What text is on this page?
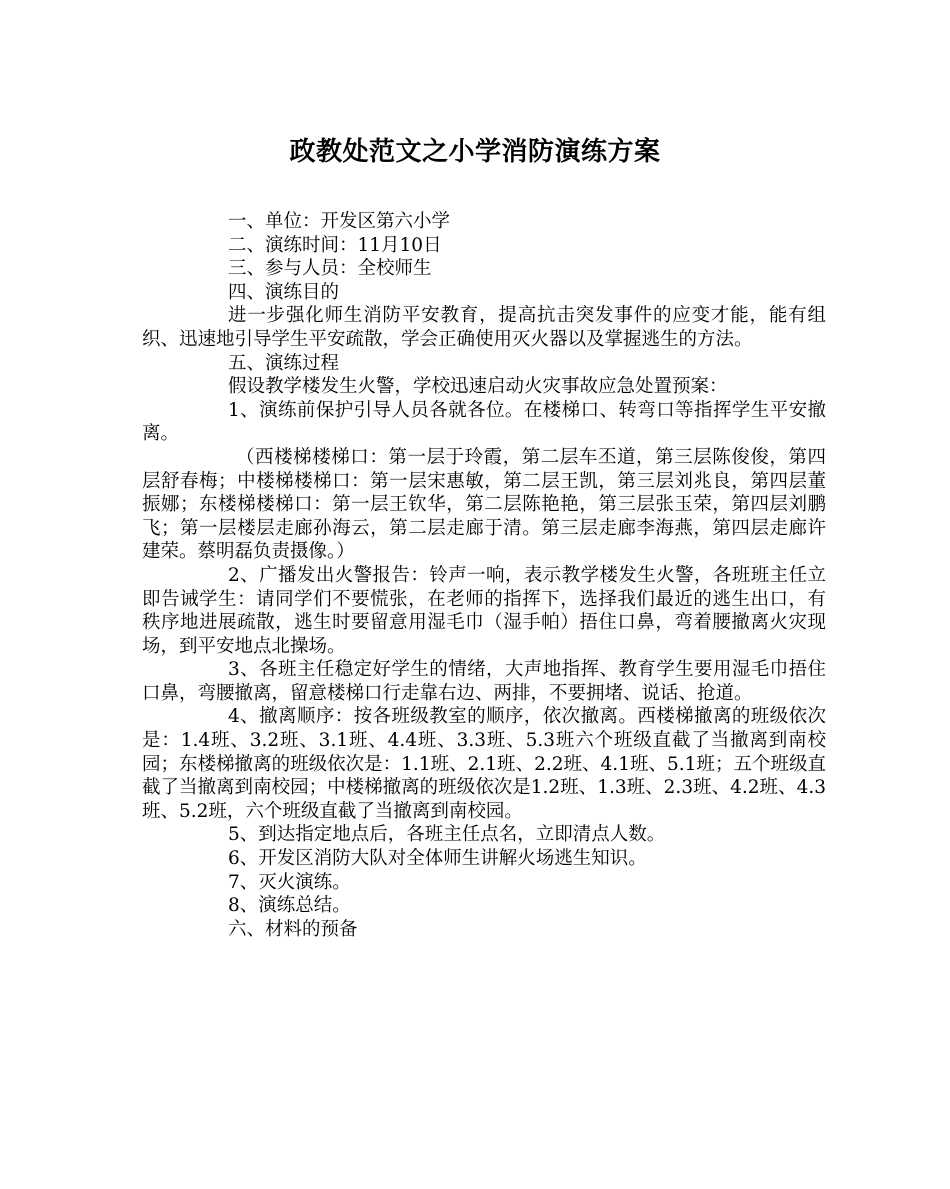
政教处范文之小学消防演练方案

一、单位：开发区第六小学

二、演练时间：11月10日

三、参与人员：全校师生

四、演练目的

进一步强化师生消防平安教育，提高抗击突发事件的应变才能，能有组织、迅速地引导学生平安疏散，学会正确使用灭火器以及掌握逃生的方法。

五、演练过程

假设教学楼发生火警，学校迅速启动火灾事故应急处置预案：

1、演练前保护引导人员各就各位。在楼梯口、转弯口等指挥学生平安撤离。

（西楼梯楼梯口：第一层于玲霞，第二层车丕道，第三层陈俊俊，第四层舒春梅；中楼梯楼梯口：第一层宋惠敏，第二层王凯，第三层刘兆良，第四层董振娜；东楼梯楼梯口：第一层王钦华，第二层陈艳艳，第三层张玉荣，第四层刘鹏飞；第一层楼层走廊孙海云，第二层走廊于清。第三层走廊李海燕，第四层走廊许建荣。蔡明磊负责摄像。）

2、广播发出火警报告：铃声一响，表示教学楼发生火警，各班班主任立即告诫学生：请同学们不要慌张，在老师的指挥下，选择我们最近的逃生出口，有秩序地进展疏散，逃生时要留意用湿毛巾（湿手帕）捂住口鼻，弯着腰撤离火灾现场，到平安地点北操场。

3、各班主任稳定好学生的情绪，大声地指挥、教育学生要用湿毛巾捂住口鼻，弯腰撤离，留意楼梯口行走靠右边、两排，不要拥堵、说话、抢道。

4、撤离顺序：按各班级教室的顺序，依次撤离。西楼梯撤离的班级依次是：1.4班、3.2班、3.1班、4.4班、3.3班、5.3班六个班级直截了当撤离到南校园；东楼梯撤离的班级依次是：1.1班、2.1班、2.2班、4.1班、5.1班；五个班级直截了当撤离到南校园；中楼梯撤离的班级依次是1.2班、1.3班、2.3班、4.2班、4.3班、5.2班，六个班级直截了当撤离到南校园。

5、到达指定地点后，各班主任点名，立即清点人数。

6、开发区消防大队对全体师生讲解火场逃生知识。

7、灭火演练。

8、演练总结。

六、材料的预备
